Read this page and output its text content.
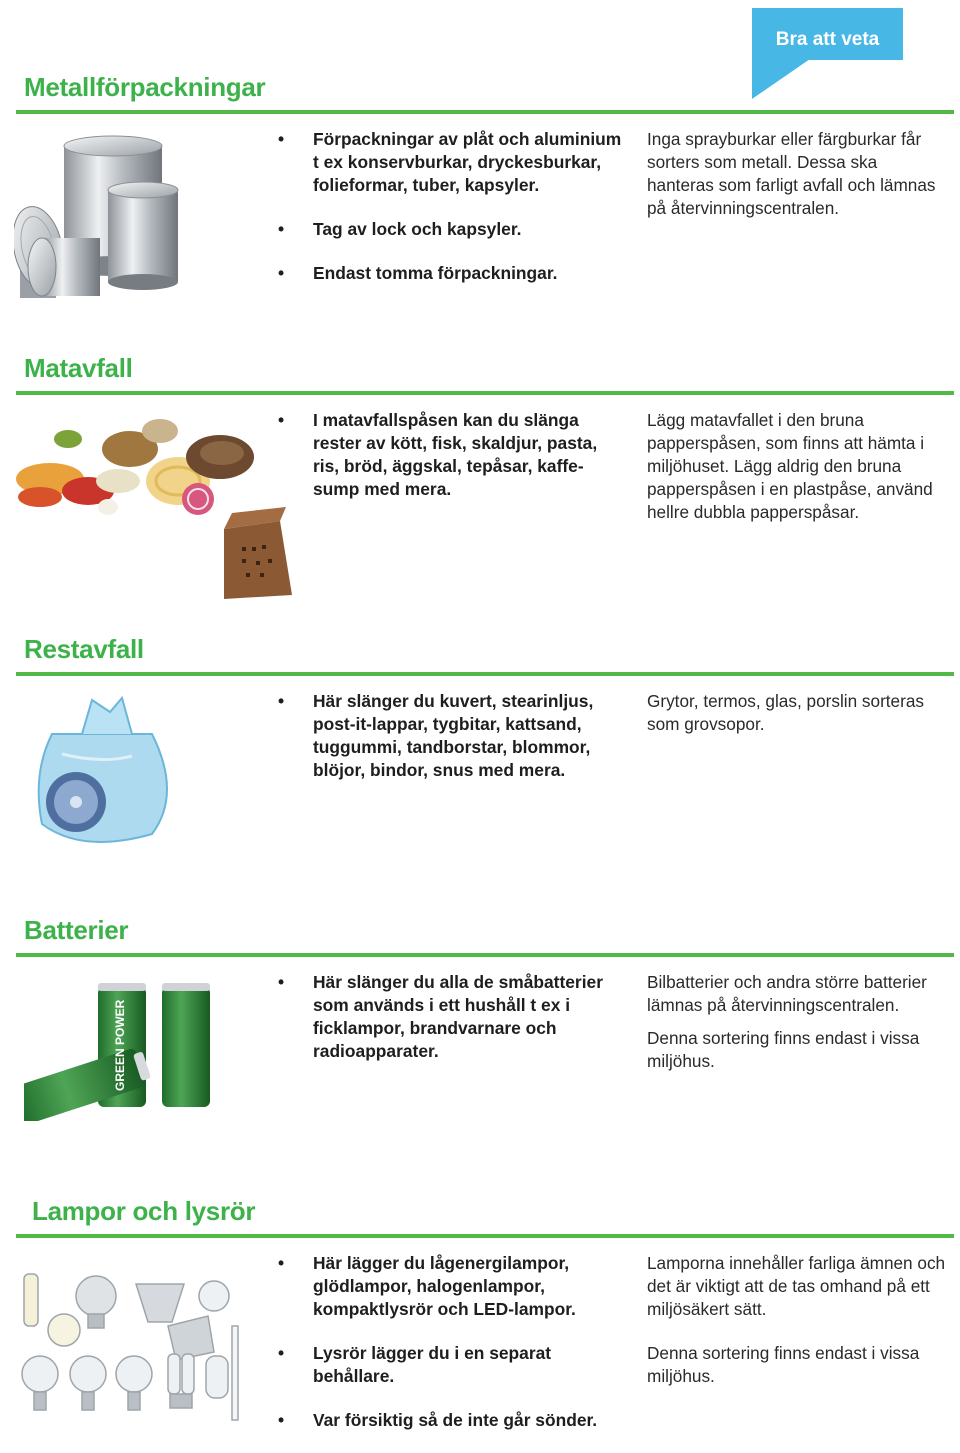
Bra att veta
Metallförpackningar
• Förpackningar av plåt och aluminium t ex konservburkar, dryckesburkar, folieformar, tuber, kapsyler.
• Tag av lock och kapsyler.
• Endast tomma förpackningar.

Inga sprayburkar eller färgburkar får sorters som metall. Dessa ska hanteras som farligt avfall och lämnas på återvinningscentralen.

Matavfall
• I matavfallspåsen kan du slänga rester av kött, fisk, skaldjur, pasta, ris, bröd, äggskal, tepåsar, kaffe-sump med mera.

Lägg matavfallet i den bruna papperspåsen, som finns att hämta i miljöhuset. Lägg aldrig den bruna papperspåsen i en plastpåse, använd hellre dubbla papperspåsar.

Restavfall
• Här slänger du kuvert, stearinljus, post-it-lappar, tygbitar, kattsand, tuggummi, tandborstar, blommor, blöjor, bindor, snus med mera.

Grytor, termos, glas, porslin sorteras som grovsopor.

Batterier
GREEN POWER
• Här slänger du alla de småbatterier som används i ett hushåll t ex i ficklampor, brandvarnare och radioapparater.

Bilbatterier och andra större batterier lämnas på återvinningscentralen.

Denna sortering finns endast i vissa miljöhus.

Lampor och lysrör
• Här lägger du lågenergilampor, glödlampor, halogenlampor, kompaktlysrör och LED-lampor.
• Lysrör lägger du i en separat behållare.
• Var försiktig så de inte går sönder.

Lamporna innehåller farliga ämnen och det är viktigt att de tas omhand på ett miljösäkert sätt.

Denna sortering finns endast i vissa miljöhus.
